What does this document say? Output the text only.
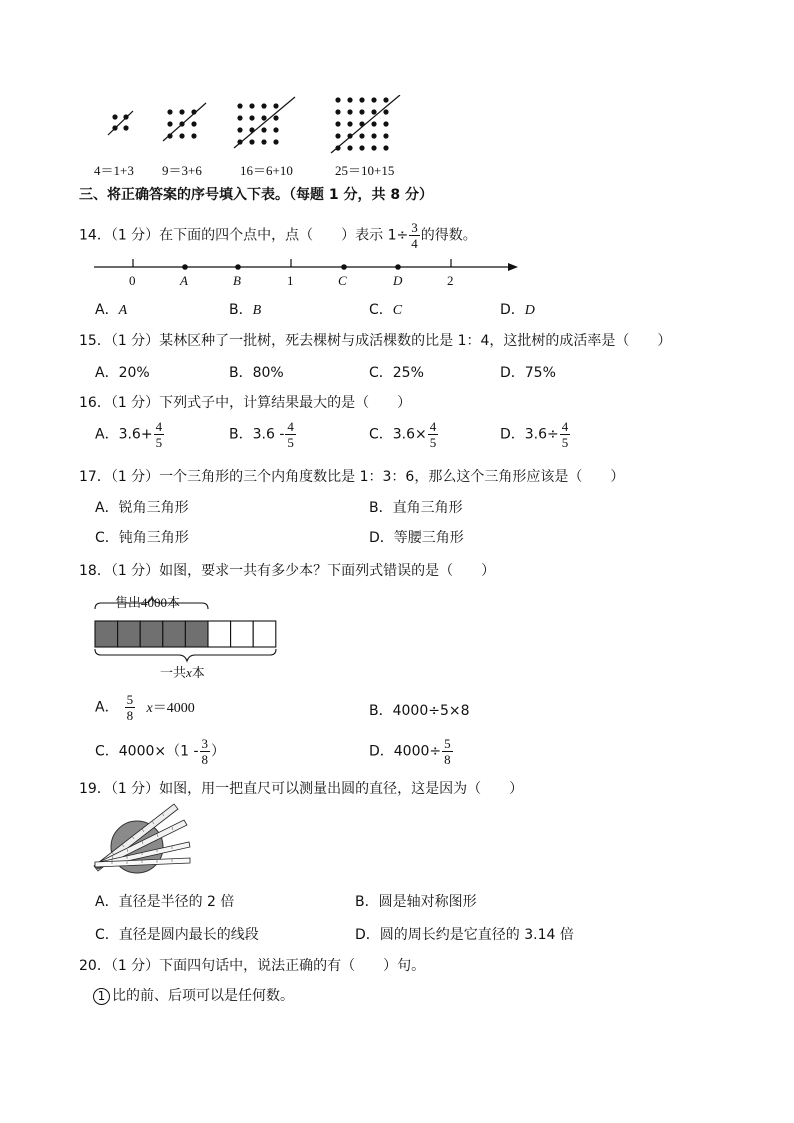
4＝1+3 9＝3+6	16＝6+10	25＝10+15
三、将正确答案的序号填入下表。（每题 1 分，共 8 分）
14．（1 分）在下面的四个点中，点（　　）表示 $1\div \frac{3}{4}$ 的得数。
0	1	2
A	B	C	D
A．A	B．B	C．C	D．D
15．（1 分）某林区种了一批树，死去棵树与成活棵数的比是 1：4，这批树的成活率是（　　）
A．20%	B．80%	C．25%	D．75%
16．（1 分）下列式子中，计算结果最大的是（　　）
A．$3.6+ \frac{4}{5}$	B．$3.6 - \frac{4}{5}$	C．$3.6\times \frac{4}{5}$	D．$3.6\div \frac{4}{5}$
17．（1 分）一个三角形的三个内角度数比是 1：3：6，那么这个三角形应该是（　　）
A．锐角三角形	B．直角三角形
C．钝角三角形	D．等腰三角形
18．（1 分）如图，要求一共有多少本？下面列式错误的是（　　）
售出4000本
一共x本
A． $\frac{5}{8} x=4000$	B．4000÷5×8
C．$4000\times(1 - \frac{3}{8}$ ）	D．$4000\div \frac{5}{8}$
19．（1 分）如图，用一把直尺可以测量出圆的直径，这是因为（　　）
A．直径是半径的 2 倍	B．圆是轴对称图形
C．直径是圆内最长的线段	D．圆的周长约是它直径的 3.14 倍
20．（1 分）下面四句话中，说法正确的有（　　）句。
1 比的前、后项可以是任何数。
